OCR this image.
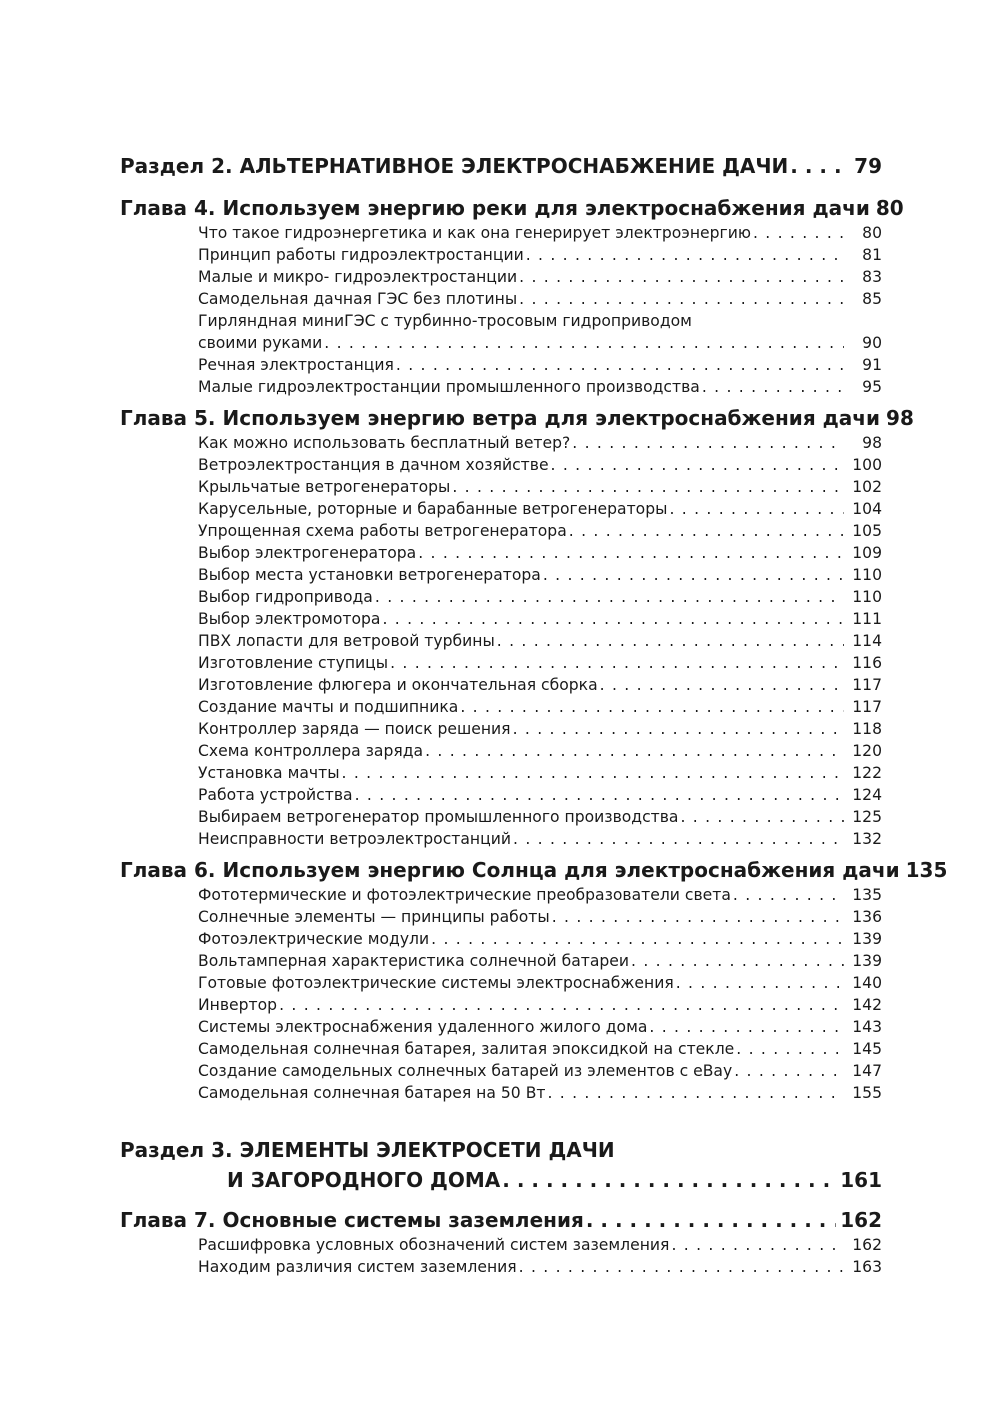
Раздел 2. АЛЬТЕРНАТИВНОЕ ЭЛЕКТРОСНАБЖЕНИЕ ДАЧИ . . .	79
Глава 4. Используем энергию реки для электроснабжения дачи 80
Что такое гидроэнергетика и как она генерирует электроэнергию . . .	80
Принцип работы гидроэлектростанции . . .	81
Малые и микро- гидроэлектростанции . . .	83
Самодельная дачная ГЭС без плотины . . .	85
Гирляндная миниГЭС с турбинно-тросовым гидроприводом
своими руками . . .	90
Речная электростанция . . .	91
Малые гидроэлектростанции промышленного производства . . .	95
Глава 5. Используем энергию ветра для электроснабжения дачи 98
Как можно использовать бесплатный ветер? . . .	98
Ветроэлектростанция в дачном хозяйстве . . .	100
Крыльчатые ветрогенераторы . . .	102
Карусельные, роторные и барабанные ветрогенераторы . . .	104
Упрощенная схема работы ветрогенератора . . .	105
Выбор электрогенератора . . .	109
Выбор места установки ветрогенератора . . .	110
Выбор гидропривода . . .	110
Выбор электромотора . . .	111
ПВХ лопасти для ветровой турбины . . .	114
Изготовление ступицы . . .	116
Изготовление флюгера и окончательная сборка . . .	117
Создание мачты и подшипника . . .	117
Контроллер заряда — поиск решения . . .	118
Схема контроллера заряда . . .	120
Установка мачты . . .	122
Работа устройства . . .	124
Выбираем ветрогенератор промышленного производства . . .	125
Неисправности ветроэлектростанций . . .	132
Глава 6. Используем энергию Солнца для электроснабжения дачи 135
Фототермические и фотоэлектрические преобразователи света . . .	135
Солнечные элементы — принципы работы . . .	136
Фотоэлектрические модули . . .	139
Вольтамперная характеристика солнечной батареи . . .	139
Готовые фотоэлектрические системы электроснабжения . . .	140
Инвертор . . .	142
Системы электроснабжения удаленного жилого дома . . .	143
Самодельная солнечная батарея, залитая эпоксидкой на стекле . . .	145
Создание самодельных солнечных батарей из элементов с eBay . . .	147
Самодельная солнечная батарея на 50 Вт . . .	155
Раздел 3. ЭЛЕМЕНТЫ ЭЛЕКТРОСЕТИ ДАЧИ
И ЗАГОРОДНОГО ДОМА . . .	161
Глава 7. Основные системы заземления . . .	162
Расшифровка условных обозначений систем заземления . . .	162
Находим различия систем заземления . . .	163
